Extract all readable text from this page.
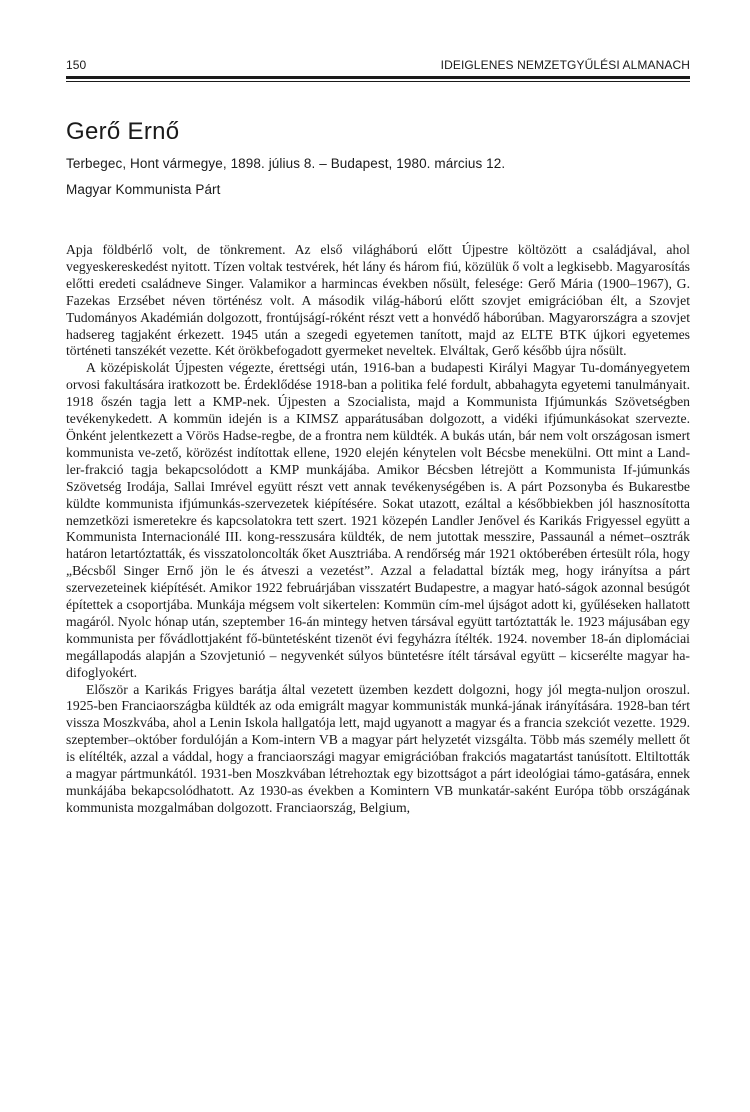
150	IDEIGLENES NEMZETGYŰLÉSI ALMANACH
Gerő Ernő

Terbegec, Hont vármegye, 1898. július 8. – Budapest, 1980. március 12.

Magyar Kommunista Párt

Apja földbérlő volt, de tönkrement. Az első világháború előtt Újpestre költözött a családjával, ahol vegyeskereskedést nyitott. Tízen voltak testvérek, hét lány és három fiú, közülük ő volt a legkisebb. Magyarosítás előtti eredeti családneve Singer. Valamikor a harmincas években nősült, felesége: Gerő Mária (1900–1967), G. Fazekas Erzsébet néven történész volt. A második világ-háború előtt szovjet emigrációban élt, a Szovjet Tudományos Akadémián dolgozott, frontújságí-róként részt vett a honvédő háborúban. Magyarországra a szovjet hadsereg tagjaként érkezett. 1945 után a szegedi egyetemen tanított, majd az ELTE BTK újkori egyetemes történeti tanszékét vezette. Két örökbefogadott gyermeket neveltek. Elváltak, Gerő később újra nősült.

A középiskolát Újpesten végezte, érettségi után, 1916-ban a budapesti Királyi Magyar Tu-dományegyetem orvosi fakultására iratkozott be. Érdeklődése 1918-ban a politika felé fordult, abbahagyta egyetemi tanulmányait. 1918 őszén tagja lett a KMP-nek. Újpesten a Szocialista, majd a Kommunista Ifjúmunkás Szövetségben tevékenykedett. A kommün idején is a KIMSZ apparátusában dolgozott, a vidéki ifjúmunkásokat szervezte. Önként jelentkezett a Vörös Hadse-regbe, de a frontra nem küldték. A bukás után, bár nem volt országosan ismert kommunista ve-zető, körözést indítottak ellene, 1920 elején kénytelen volt Bécsbe menekülni. Ott mint a Land-ler-frakció tagja bekapcsolódott a KMP munkájába. Amikor Bécsben létrejött a Kommunista If-júmunkás Szövetség Irodája, Sallai Imrével együtt részt vett annak tevékenységében is. A párt Pozsonyba és Bukarestbe küldte kommunista ifjúmunkás-szervezetek kiépítésére. Sokat utazott, ezáltal a későbbiekben jól hasznosította nemzetközi ismeretekre és kapcsolatokra tett szert. 1921 közepén Landler Jenővel és Karikás Frigyessel együtt a Kommunista Internacionálé III. kong-resszusára küldték, de nem jutottak messzire, Passaunál a német–osztrák határon letartóztatták, és visszatoloncolták őket Ausztriába. A rendőrség már 1921 októberében értesült róla, hogy „Bécsből Singer Ernő jön le és átveszi a vezetést”. Azzal a feladattal bízták meg, hogy irányítsa a párt szervezeteinek kiépítését. Amikor 1922 februárjában visszatért Budapestre, a magyar ható-ságok azonnal besúgót építettek a csoportjába. Munkája mégsem volt sikertelen: Kommün cím-mel újságot adott ki, gyűléseken hallatott magáról. Nyolc hónap után, szeptember 16-án mintegy hetven társával együtt tartóztatták le. 1923 májusában egy kommunista per fővádlottjaként fő-büntetésként tizenöt évi fegyházra ítélték. 1924. november 18-án diplomáciai megállapodás alapján a Szovjetunió – negyvenkét súlyos büntetésre ítélt társával együtt – kicserélte magyar ha-difoglyokért.

Először a Karikás Frigyes barátja által vezetett üzemben kezdett dolgozni, hogy jól megta-nuljon oroszul. 1925-ben Franciaországba küldték az oda emigrált magyar kommunisták munká-jának irányítására. 1928-ban tért vissza Moszkvába, ahol a Lenin Iskola hallgatója lett, majd ugyanott a magyar és a francia szekciót vezette. 1929. szeptember–október fordulóján a Kom-intern VB a magyar párt helyzetét vizsgálta. Több más személy mellett őt is elítélték, azzal a váddal, hogy a franciaországi magyar emigrációban frakciós magatartást tanúsított. Eltiltották a magyar pártmunkától. 1931-ben Moszkvában létrehoztak egy bizottságot a párt ideológiai támo-gatására, ennek munkájába bekapcsolódhatott. Az 1930-as években a Komintern VB munkatár-saként Európa több országának kommunista mozgalmában dolgozott. Franciaország, Belgium,
